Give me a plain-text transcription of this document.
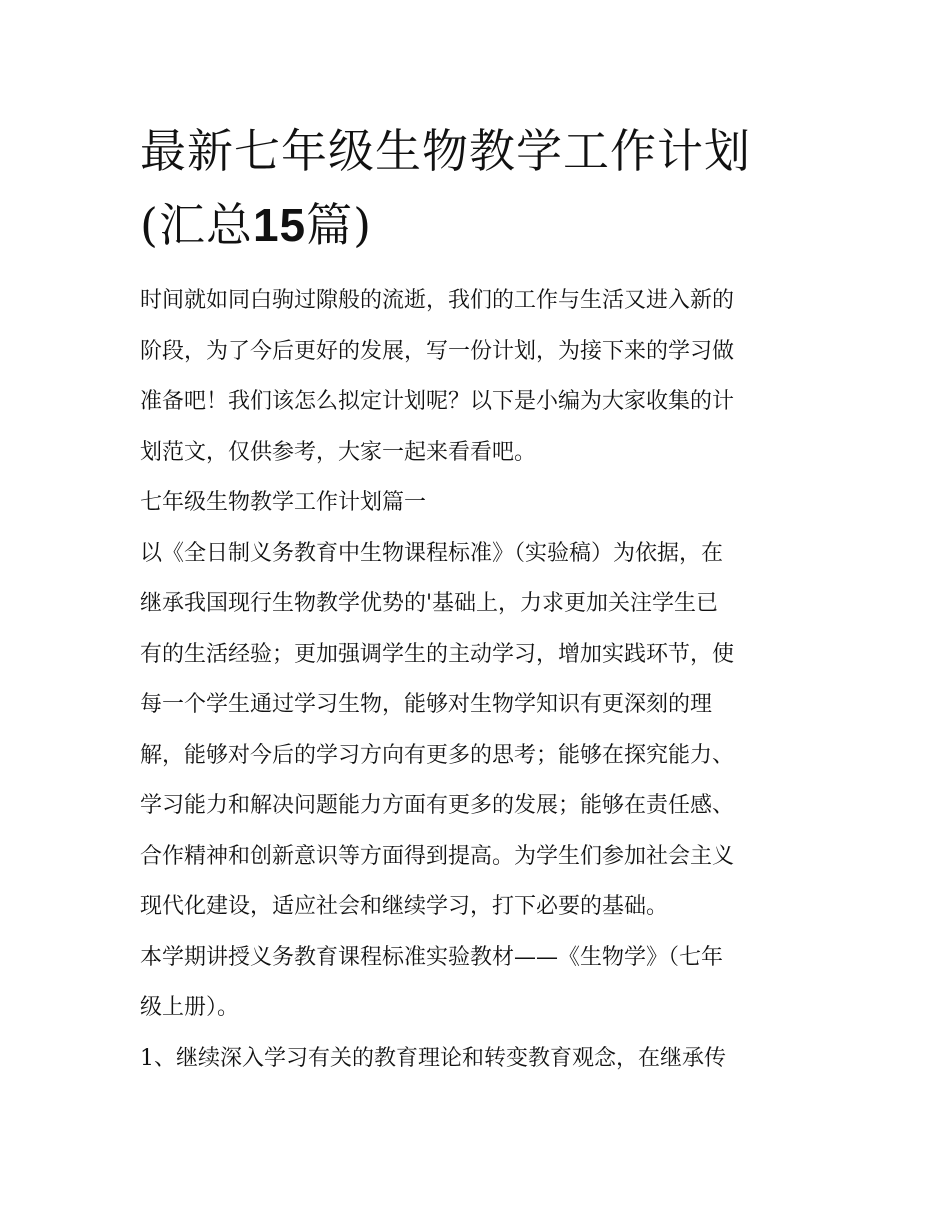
最新七年级生物教学工作计划
(汇总15篇)

时间就如同白驹过隙般的流逝，我们的工作与生活又进入新的
阶段，为了今后更好的发展，写一份计划，为接下来的学习做
准备吧！我们该怎么拟定计划呢？以下是小编为大家收集的计
划范文，仅供参考，大家一起来看看吧。

七年级生物教学工作计划篇一

以《全日制义务教育中生物课程标准》（实验稿）为依据，在
继承我国现行生物教学优势的'基础上，力求更加关注学生已
有的生活经验；更加强调学生的主动学习，增加实践环节，使
每一个学生通过学习生物，能够对生物学知识有更深刻的理
解，能够对今后的学习方向有更多的思考；能够在探究能力、
学习能力和解决问题能力方面有更多的发展；能够在责任感、
合作精神和创新意识等方面得到提高。为学生们参加社会主义
现代化建设，适应社会和继续学习，打下必要的基础。

本学期讲授义务教育课程标准实验教材——《生物学》（七年
级上册）。

1、继续深入学习有关的教育理论和转变教育观念，在继承传
